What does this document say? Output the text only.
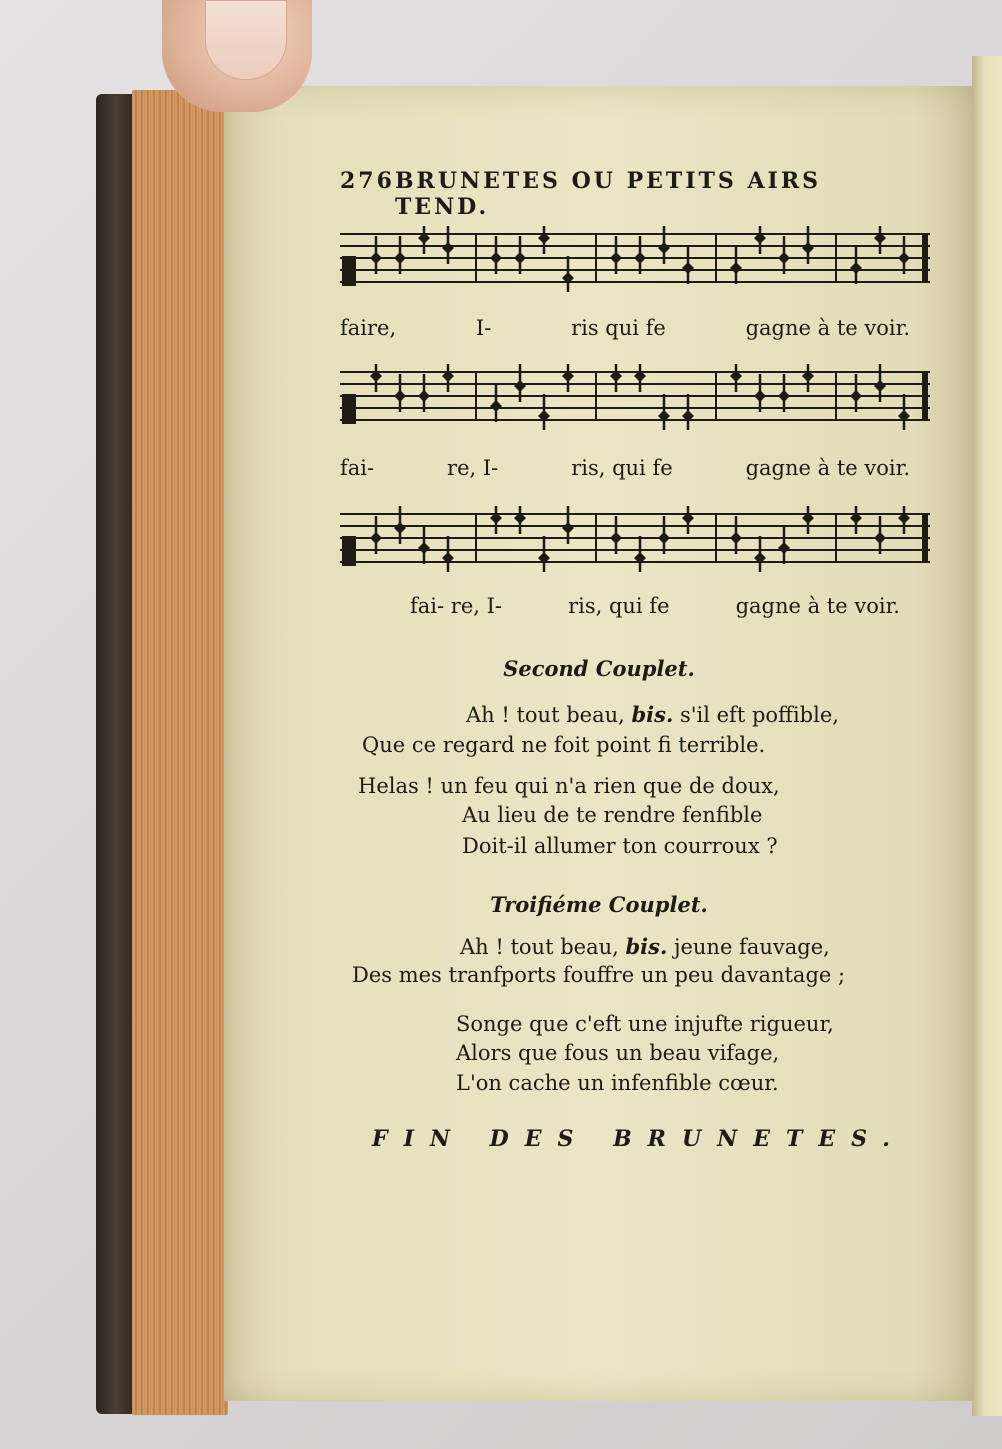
276 BRUNETES OU PETITS AIRS TEND.
faire,	I-	ris qui fe	gagne à te voir.
fai-	re, I-	ris, qui fe	gagne à te voir.
fai- re, I-	ris, qui fe	gagne à te voir.
Second Couplet.
Ah ! tout beau, bis. s'il eft poffible,
Que ce regard ne foit point fi terrible.
Helas ! un feu qui n'a rien que de doux,
Au lieu de te rendre fenfible
Doit-il allumer ton courroux ?
Troifiéme Couplet.
Ah ! tout beau, bis. jeune fauvage,
Des mes tranfports fouffre un peu davantage ;
Songe que c'eft une injufte rigueur,
Alors que fous un beau vifage,
L'on cache un infenfible cœur.
FIN DES BRUNETES.
